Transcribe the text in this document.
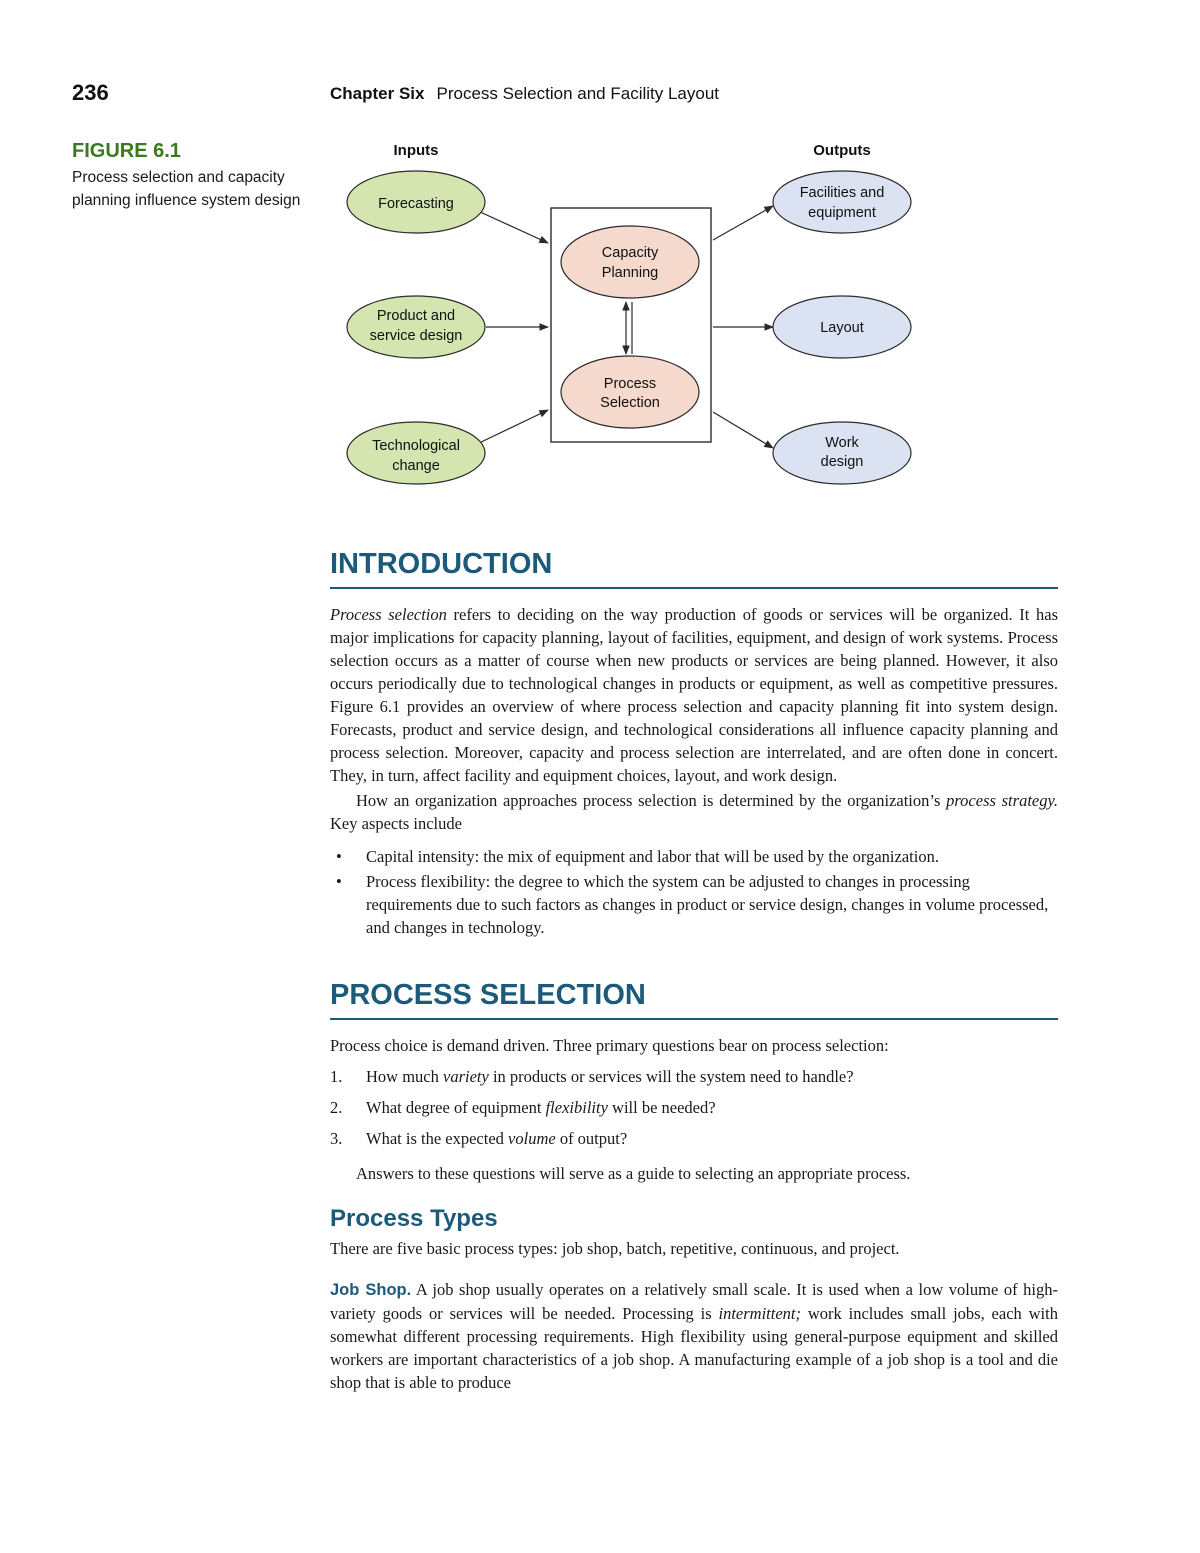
236	Chapter Six Process Selection and Facility Layout
FIGURE 6.1
Process selection and capacity planning influence system design
Inputs	Outputs
Forecasting
Product and
service design
Technological
change
Capacity
Planning
Process
Selection
Facilities and
equipment
Layout
Work
design
INTRODUCTION

Process selection refers to deciding on the way production of goods or services will be organized. It has major implications for capacity planning, layout of facilities, equipment, and design of work systems. Process selection occurs as a matter of course when new products or services are being planned. However, it also occurs periodically due to technological changes in products or equipment, as well as competitive pressures. Figure 6.1 provides an overview of where process selection and capacity planning fit into system design. Forecasts, product and service design, and technological considerations all influence capacity planning and process selection. Moreover, capacity and process selection are interrelated, and are often done in concert. They, in turn, affect facility and equipment choices, layout, and work design.

How an organization approaches process selection is determined by the organization’s process strategy. Key aspects include

• Capital intensity: the mix of equipment and labor that will be used by the organization.
• Process flexibility: the degree to which the system can be adjusted to changes in processing requirements due to such factors as changes in product or service design, changes in volume processed, and changes in technology.
PROCESS SELECTION

Process choice is demand driven. Three primary questions bear on process selection:

1. How much variety in products or services will the system need to handle?
2. What degree of equipment flexibility will be needed?
3. What is the expected volume of output?

Answers to these questions will serve as a guide to selecting an appropriate process.

Process Types

There are five basic process types: job shop, batch, repetitive, continuous, and project.

Job Shop. A job shop usually operates on a relatively small scale. It is used when a low volume of high-variety goods or services will be needed. Processing is intermittent; work includes small jobs, each with somewhat different processing requirements. High flexibility using general-purpose equipment and skilled workers are important characteristics of a job shop. A manufacturing example of a job shop is a tool and die shop that is able to produce
